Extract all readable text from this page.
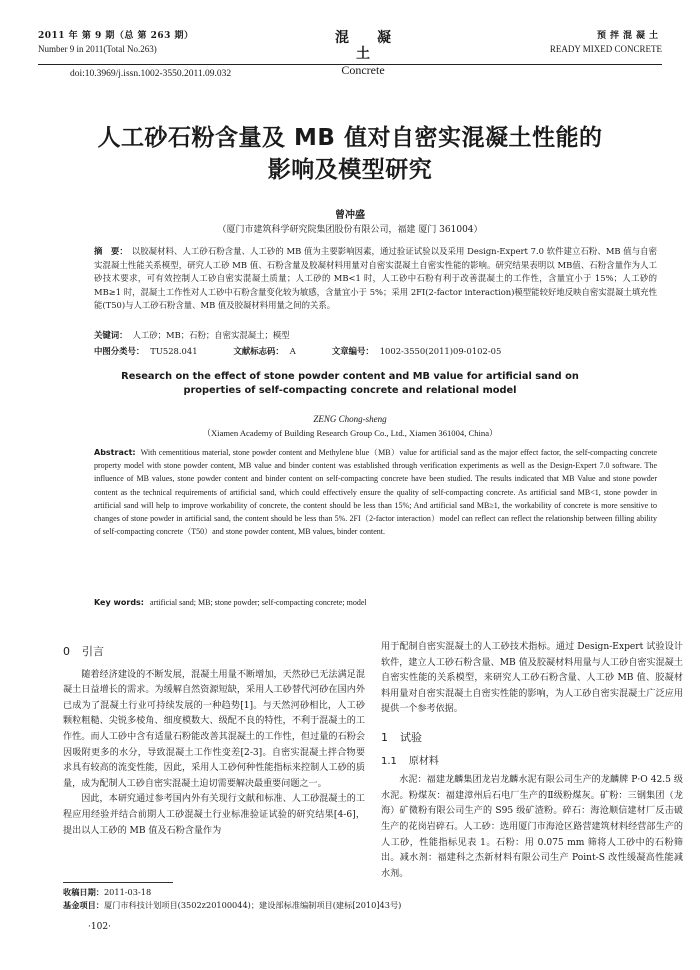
2011 年 第 9 期（总 第 263 期）
Number 9 in 2011(Total No.263)
混凝土
Concrete
预拌混凝土
READY MIXED CONCRETE
doi:10.3969/j.issn.1002-3550.2011.09.032
人工砂石粉含量及 MB 值对自密实混凝土性能的
影响及模型研究
曾冲盛
（厦门市建筑科学研究院集团股份有限公司，福建 厦门 361004）
摘　要： 以胶凝材料、人工砂石粉含量、人工砂的 MB 值为主要影响因素，通过验证试验以及采用 Design-Expert 7.0 软件建立石粉、MB 值与自密实混凝土性能关系模型，研究人工砂 MB 值、石粉含量及胶凝材料用量对自密实混凝土自密实性能的影响。研究结果表明以 MB值、石粉含量作为人工砂技术要求，可有效控制人工砂自密实混凝土质量；人工砂的 MB<1 时，人工砂中石粉有利于改善混凝土的工作性，含量宜小于 15%；人工砂的 MB≥1 时，混凝土工作性对人工砂中石粉含量变化较为敏感，含量宜小于 5%；采用 2FI(2-factor interaction)模型能较好地反映自密实混凝土填充性能(T50)与人工砂石粉含量、MB 值及胶凝材料用量之间的关系。
关键词： 人工砂；MB；石粉；自密实混凝土；模型
中图分类号： TU528.041	文献标志码： A	文章编号： 1002-3550(2011)09-0102-05
Research on the effect of stone powder content and MB value for artificial sand on properties of self-compacting concrete and relational model
ZENG Chong-sheng
（Xiamen Academy of Building Research Group Co., Ltd., Xiamen 361004, China）
Abstract: With cementitious material, stone powder content and Methylene blue（MB）value for artificial sand as the major effect factor, the self-compacting concrete property model with stone powder content, MB value and binder content was established through verification experiments as well as the Design-Expert 7.0 software. The influence of MB values, stone powder content and binder content on self-compacting concrete have been studied. The results indicated that MB Value and stone powder content as the technical requirements of artificial sand, which could effectively ensure the quality of self-compacting concrete. As artificial sand MB<1, stone powder in artificial sand will help to improve workability of concrete, the content should be less than 15%; And artificial sand MB≥1, the workability of concrete is more sensitive to changes of stone powder in artificial sand, the content should be less than 5%. 2FI（2-factor interaction）model can reflect can reflect the relationship between filling ability of self-compacting concrete（T50）and stone powder content, MB values, binder content.
Key words: artificial sand; MB; stone powder; self-compacting concrete; model
0 引言

随着经济建设的不断发展，混凝土用量不断增加，天然砂已无法满足混凝土日益增长的需求。为缓解自然资源短缺，采用人工砂替代河砂在国内外已成为了混凝土行业可持续发展的一种趋势[1]。与天然河砂相比，人工砂颗粒粗糙、尖锐多棱角、细度模数大、级配不良的特性，不利于混凝土的工作性。而人工砂中含有适量石粉能改善其混凝土的工作性，但过量的石粉会因吸附更多的水分，导致混凝土工作性变差[2-3]。自密实混凝土拌合物要求具有较高的流变性能，因此，采用人工砂何种性能指标来控制人工砂的质量，成为配制人工砂自密实混凝土迫切需要解决最重要问题之一。

因此，本研究通过参考国内外有关现行文献和标准、人工砂混凝土的工程应用经验并结合前期人工砂混凝土行业标准验证试验的研究结果[4-6]，提出以人工砂的 MB 值及石粉含量作为

用于配制自密实混凝土的人工砂技术指标。通过 Design-Expert 试验设计软件，建立人工砂石粉含量、MB 值及胶凝材料用量与人工砂自密实混凝土自密实性能的关系模型，来研究人工砂石粉含量、人工砂 MB 值、胶凝材料用量对自密实混凝土自密实性能的影响，为人工砂自密实混凝土广泛应用提供一个参考依据。

1 试验
1.1 原材料

水泥：福建龙麟集团龙岩龙麟水泥有限公司生产的龙麟牌 P·O 42.5 级水泥。粉煤灰：福建漳州后石电厂生产的Ⅱ级粉煤灰。矿粉：三钢集团（龙海）矿微粉有限公司生产的 S95 级矿渣粉。碎石：海沧顺信建材厂反击破生产的花岗岩碎石。人工砂：选用厦门市海沧区路营建筑材料经营部生产的人工砂，性能指标见表 1。石粉：用 0.075 mm 筛将人工砂中的石粉筛出。减水剂：福建科之杰新材料有限公司生产 Point-S 改性缓凝高性能减水剂。

收稿日期：2011-03-18
基金项目：厦门市科技计划项目(3502z20100044)；建设部标准编制项目(建标[2010]43号)
·102·
